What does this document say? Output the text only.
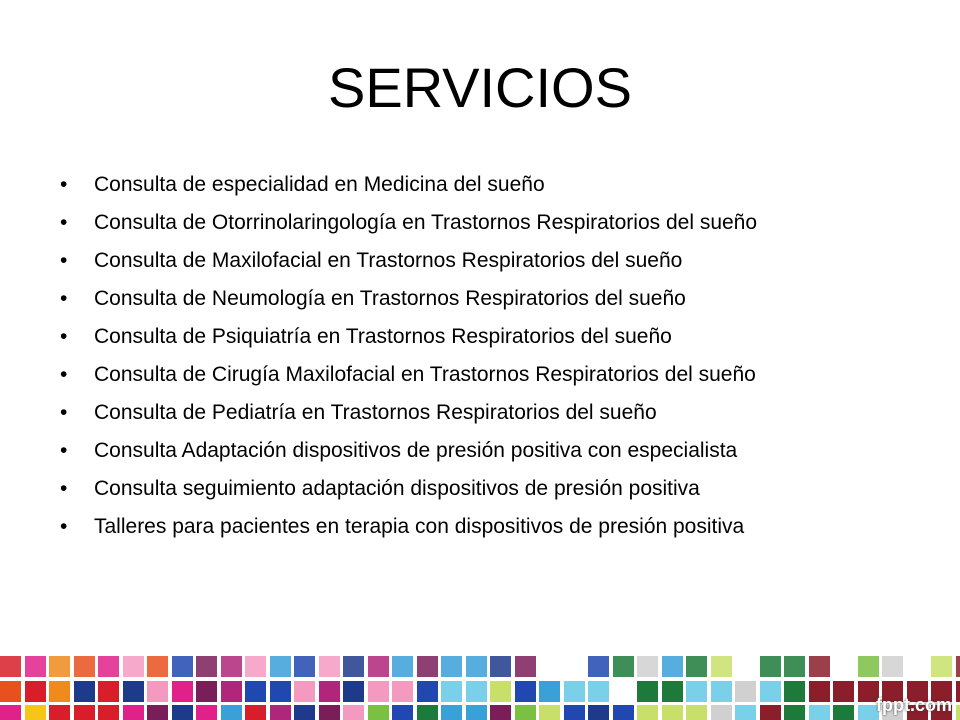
SERVICIOS
• Consulta de especialidad en Medicina del sueño
• Consulta de Otorrinolaringología en Trastornos Respiratorios del sueño
• Consulta de Maxilofacial en Trastornos Respiratorios del sueño
• Consulta de Neumología en Trastornos Respiratorios del sueño
• Consulta de Psiquiatría en Trastornos Respiratorios del sueño
• Consulta de Cirugía Maxilofacial en Trastornos Respiratorios del sueño
• Consulta de Pediatría en Trastornos Respiratorios del sueño
• Consulta Adaptación dispositivos de presión positiva con especialista
• Consulta seguimiento adaptación dispositivos de presión positiva
• Talleres para pacientes en terapia con dispositivos de presión positiva
fppt.com
